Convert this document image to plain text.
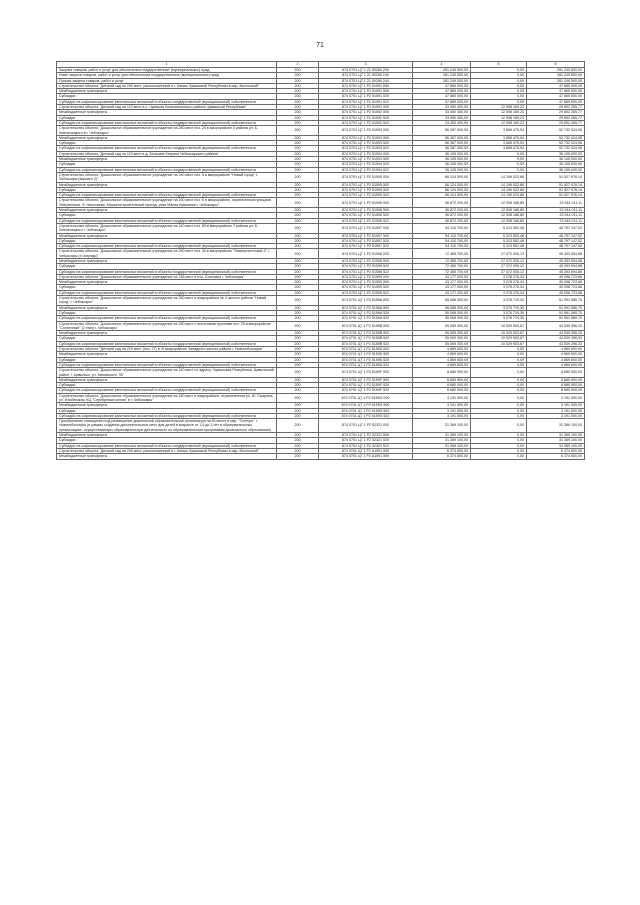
71
1	2	3	4	5	6
Закупка товаров, работ и услуг для обеспечения государственных (муниципальных) нужд	200	874 0701 Ц7 1 21 50280 200	281 249 500,00	0,00	281 249 500,00
Иные закупки товаров, работ и услуг для обеспечения государственных (муниципальных) нужд	200	874 0701 Ц7 1 21 50280 240	281 249 500,00	0,00	281 249 500,00
Прочая закупка товаров, работ и услуг	200	874 0701 Ц7 1 21 50280 244	281 249 500,00	0,00	281 249 500,00
Строительство объекта "Детский сад на 240 мест, расположенный в г. Канаш Чувашской Республики в мкр. Восточный"	200	874 0701 Ц7 1 P2 51591 000	47 865 000,00	0,05	47 865 500,00
Межбюджетные трансферты	200	874 0701 Ц7 1 P2 51591 500	47 865 000,00	0,05	47 865 500,00
Субсидии	200	874 0701 Ц7 1 P2 51591 520	47 865 000,00	0,00	47 865 500,00
Субсидии на софинансирование капитальных вложений в объекты государственной (муниципальной) собственности	200	874 0701 Ц7 1 P2 51591 522	47 865 000,00	0,05	47 865 500,00
Строительство объекта "Детский сад на 110 мест в с. Чувашия Комсомольского района Чувашской Республики"	200	874 0701 Ц7 1 P2 51592 000	33 450 400,00	12 598 169,23	29 852 265,77
Межбюджетные трансферты	200	874 0701 Ц7 1 P2 51592 500	33 450 400,00	12 598 169,23	29 852 265,77
Субсидии	200	874 0701 Ц7 1 P2 51592 520	33 450 400,00	12 598 169,23	29 852 265,77
Субсидии на софинансирование капитальных вложений в объекты государственной (муниципальной) собственности	200	874 0701 Ц7 1 P2 51592 522	33 450 400,00	12 598 169,23	29 852 265,77
Строительство объекта "Дошкольное образовательное учреждение на 240 мест поз. 25 в микрорайоне 5 района ул. Б. Хмельницкого в г. Чебоксары"	200	874 0701 Ц7 1 P2 51593 000	56 387 500,00	3 665 475,94	52 732 024,06
Межбюджетные трансферты	200	874 0701 Ц7 1 P2 51593 500	56 387 500,00	3 665 475,94	52 732 024,06
Субсидии	200	874 0701 Ц7 1 P2 51593 520	56 387 500,00	3 665 475,94	52 732 024,06
Субсидии на софинансирование капитальных вложений в объекты государственной (муниципальной) собственности	200	874 0701 Ц7 1 P2 51593 522	56 387 500,00	3 665 475,94	52 732 024,06
Строительство объекта "Детский сад на 110 мест в д. Большие Катраси Чебоксарского района"	200	874 0701 Ц7 1 P2 51594 000	36 105 000,00	0,00	36 105 000,00
Межбюджетные трансферты	200	874 0701 Ц7 1 P2 51594 500	36 105 000,00	0,00	36 105 000,00
Субсидии	200	874 0701 Ц7 1 P2 51594 520	36 105 000,00	0,00	36 105 000,00
Субсидии на софинансирование капитальных вложений в объекты государственной (муниципальной) собственности	200	874 0701 Ц7 1 P2 51594 522	36 105 000,00	0,00	36 105 000,00
Строительство объекта "Дошкольное образовательное учреждение на 240 мест поз. 5 в микрорайоне "Новый город" г. Чебоксары (вариант 2)"	200	874 0701 Ц7 1 P2 51595 000	66 124 500,00	14 196 523,86	51 927 976,14
Межбюджетные трансферты	200	874 0701 Ц7 1 P2 51595 500	66 124 500,00	14 196 523,86	51 927 976,14
Субсидии	200	874 0701 Ц7 1 P2 51595 520	66 124 500,00	14 196 523,86	51 927 976,14
Субсидии на софинансирование капитальных вложений в объекты государственной (муниципальной) собственности	200	874 0701 Ц7 1 P2 51595 522	66 124 500,00	14 196 523,86	51 927 976,14
Строительство объекта "Дошкольное образовательное учреждение на 160 мест поз. 6 в микрорайоне, ограниченном улицами Энергетиков, Ф. Николаева, Машиностроительный проезд, река Малая Кувшинка г. Чебоксары"	200	874 0701 Ц7 1 P2 51596 000	36 872 200,00	12 928 188,89	23 944 011,11
Межбюджетные трансферты	200	874 0701 Ц7 1 P2 51596 500	36 872 200,00	12 928 188,89	23 944 011,11
Субсидии	200	874 0701 Ц7 1 P2 51596 520	36 872 200,00	12 928 188,89	23 944 011,11
Субсидии на софинансирование капитальных вложений в объекты государственной (муниципальной) собственности	200	874 0701 Ц7 1 P2 51596 522	36 872 200,00	12 928 188,89	23 944 011,11
Строительство объекта "Дошкольное образовательное учреждение на 240 мест поз. 89 в микрорайоне 2 района ул. Б. Хмельницкого г. Чебоксары"	200	874 0701 Ц7 1 P2 51597 000	54 110 700,00	5 313 552,48	48 797 147,52
Межбюджетные трансферты	200	874 0701 Ц7 1 P2 51597 500	54 110 700,00	5 313 552,48	48 797 147,52
Субсидии	200	874 0701 Ц7 1 P2 51597 520	54 110 700,00	5 313 552,48	48 797 147,52
Субсидии на софинансирование капитальных вложений в объекты государственной (муниципальной) собственности	200	874 0701 Ц7 1 P2 51597 522	54 110 700,00	5 313 552,48	48 797 147,52
Строительство объекта "Дошкольное образовательное учреждение на 250 мест поз. 30 в микрорайоне "Университетский-2" г. Чебоксары (II очередь)"	200	874 0701 Ц7 1 P2 51598 000	72 465 700,00	27 072 005,12	45 393 694,88
Межбюджетные трансферты	200	874 0701 Ц7 1 P2 51598 500	72 465 700,00	27 072 005,12	45 393 694,88
Субсидии	200	874 0701 Ц7 1 P2 51598 520	72 465 700,00	27 072 005,12	45 393 694,88
Субсидии на софинансирование капитальных вложений в объекты государственной (муниципальной) собственности	200	874 0701 Ц7 1 P2 51598 522	72 465 700,00	27 072 005,12	45 393 694,88
Строительство объекта "Дошкольное образовательное учреждение на 156 мест в пос. Сосновка г. Чебоксары"	200	874 0701 Ц7 1 P2 51599 000	43 177 000,00	3 078 276,34	40 098 723,66
Межбюджетные трансферты	200	874 0701 Ц7 1 P2 51599 500	43 177 000,00	3 078 276,34	40 098 723,66
Субсидии	200	874 0701 Ц7 1 P2 51599 520	43 177 000,00	3 078 276,34	40 098 723,66
Субсидии на софинансирование капитальных вложений в объекты государственной (муниципальной) собственности	200	874 0701 Ц7 1 P2 51599 522	43 177 000,00	3 078 276,34	40 098 723,66
Строительство объекта "Дошкольное образовательное учреждение на 250 мест в микрорайоне № 2 жилого района "Новый город" г. Чебоксары"	200	874 0701 Ц7 1 P2 5159A 000	55 068 300,00	3 076 719,30	51 991 580,70
Межбюджетные трансферты	200	874 0701 Ц7 1 P2 5159A 500	55 068 300,00	3 076 719,30	51 991 580,70
Субсидии	200	874 0701 Ц7 1 P2 5159A 520	55 068 300,00	3 076 719,30	51 991 580,70
Субсидии на софинансирование капитальных вложений в объекты государственной (муниципальной) собственности	200	874 0701 Ц7 1 P2 5159A 522	55 068 300,00	3 076 719,30	51 991 580,70
Строительство объекта "Дошкольное образовательное учреждение на 250 мест с ясельными группами поз. 29 в микрорайоне "Солнечный" (2 этап) г. Чебоксары"	200	874 0701 Ц7 1 P2 5159B 000	55 069 300,00	10 529 903,67	44 539 396,33
Межбюджетные трансферты	200	874 0701 Ц7 1 P2 5159B 500	55 069 300,00	10 529 903,67	44 539 396,33
Субсидии	200	874 0701 Ц7 1 P2 5159B 520	55 069 300,00	10 529 903,67	44 539 396,33
Субсидии на софинансирование капитальных вложений в объекты государственной (муниципальной) собственности	200	874 0701 Ц7 1 P2 5159B 522	55 069 300,00	10 529 903,67	44 539 396,33
Строительство объекта "Детский сад на 220 мест (поз. 27) в IX микрорайоне Западного жилого района г. Новочебоксарск"	200	874 0701 Ц7 1 P2 5159D 000	4 869 600,00	0,00	4 869 600,00
Межбюджетные трансферты	200	874 0701 Ц7 1 P2 5159D 500	4 869 600,00	0,00	4 869 600,00
Субсидии	200	874 0701 Ц7 1 P2 5159D 520	4 869 600,00	0,00	4 869 600,00
Субсидии на софинансирование капитальных вложений в объекты государственной (муниципальной) собственности	200	874 0701 Ц7 1 P2 5159D 522	4 869 600,00	0,05	4 869 600,00
Строительство объекта "Дошкольное образовательное учреждение на 240 мест по адресу: Чувашская Республика, Цивильский район, г. Цивильск, ул. Меховского, 30"	200	874 0701 Ц7 1 P2 5159F 000	8 680 900,00	0,00	8 680 900,00
Межбюджетные трансферты	200	874 0701 Ц7 1 P2 5159F 500	8 680 900,00	0,00	8 680 900,00
Субсидии	200	874 0701 Ц7 1 P2 5159F 520	8 680 900,00	0,00	8 680 900,00
Субсидии на софинансирование капитальных вложений в объекты государственной (муниципальной) собственности	200	874 0701 Ц7 1 P2 5159F 522	8 680 900,00	0,00	8 680 900,00
Строительство объекта "Дошкольное образовательное учреждение на 160 мест в микрорайоне, ограниченном ул. Ю. Гагарина, ул. Ильбекская, КЦ "Серебряные ключи" в г. Чебоксары"	200	874 0701 Ц7 1 P2 5159G 000	3 191 500,00	0,00	3 191 500,00
Межбюджетные трансферты	200	874 0701 Ц7 1 P2 5159G 500	3 191 500,00	0,00	3 191 500,00
Субсидии	200	874 0701 Ц7 1 P2 5159G 520	3 191 500,00	0,00	3 191 500,00
Субсидии на софинансирование капитальных вложений в объекты государственной (муниципальной) собственности	200	874 0701 Ц7 1 P2 5159G 522	3 191 500,00	0,00	3 191 500,00
Приобретение помещения под размещение дошкольной образовательной организации на 63 места в мкр. "Снегирь" г. Новочебоксарск (в рамках создания дополнительных мест для детей в возрасте от 1,5 до 3 лет в образовательных организациях, осуществляющих образовательную деятельность по образовательным программам дошкольного образования)	200	874 0701 Ц7 1 P2 52321 000	31 369 100,00	0,00	31 369 100,00
Межбюджетные трансферты	200	874 0701 Ц7 1 P2 52321 500	31 369 100,00	0,00	31 369 100,00
Субсидии	200	874 0701 Ц7 1 P2 52321 520	31 369 100,00	0,00	31 369 100,00
Субсидии на софинансирование капитальных вложений в объекты государственной (муниципальной) собственности	200	874 0701 Ц7 1 P2 52321 522	31 369 100,00	0,00	31 369 100,00
Строительство объекта "Детский сад на 240 мест, расположенный в г. Канаш Чувашской Республики в мкр. Восточный"	200	874 0701 Ц7 1 P2 A1591 000	6 374 800,00	0,00	6 374 800,00
Межбюджетные трансферты	200	874 0701 Ц7 1 P2 A1591 500	6 374 800,00	0,00	6 374 800,00
